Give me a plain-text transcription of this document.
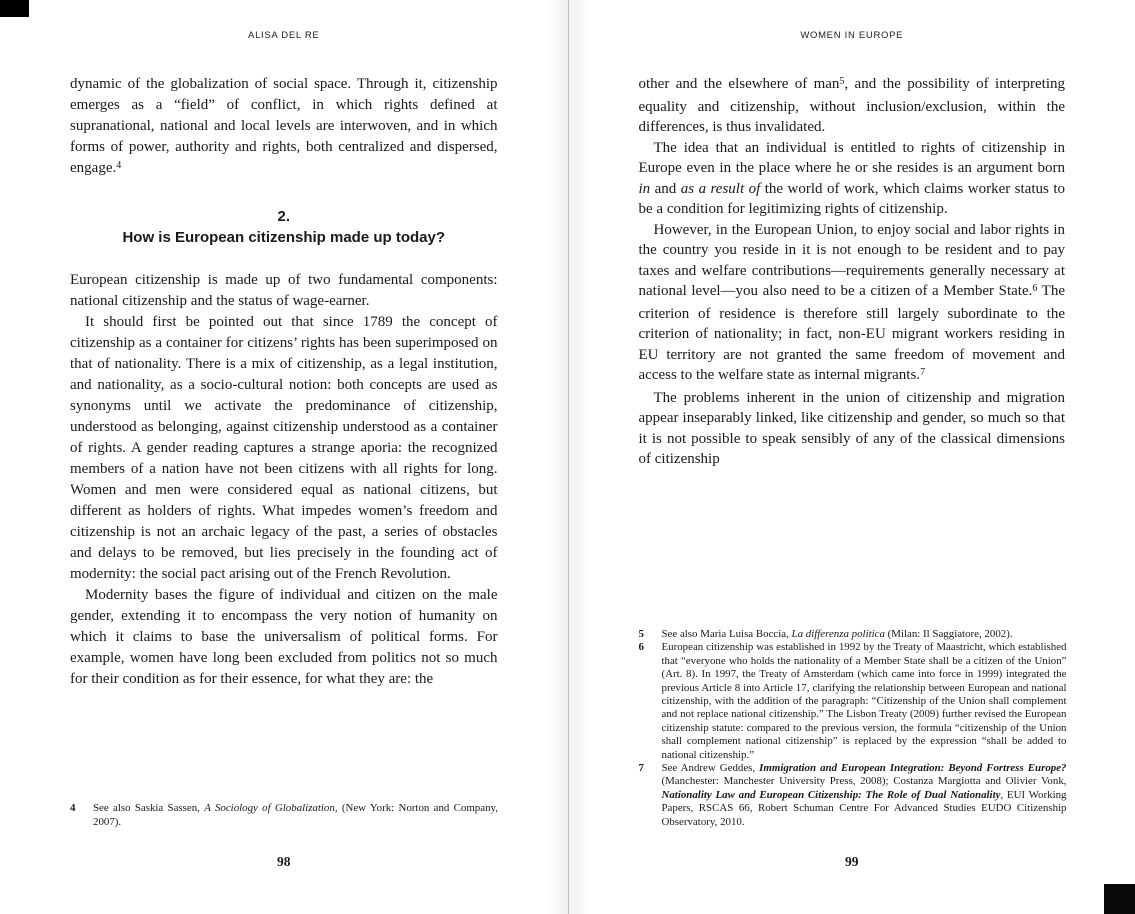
ALISA DEL RE

dynamic of the globalization of social space. Through it, citizenship emerges as a “field” of conflict, in which rights defined at supranational, national and local levels are interwoven, and in which forms of power, authority and rights, both centralized and dispersed, engage.$^4$

2.
How is European citizenship made up today?

European citizenship is made up of two fundamental components: national citizenship and the status of wage-earner.

It should first be pointed out that since 1789 the concept of citizenship as a container for citizens’ rights has been superimposed on that of nationality. There is a mix of citizenship, as a legal institution, and nationality, as a socio-cultural notion: both concepts are used as synonyms until we activate the predominance of citizenship, understood as belonging, against citizenship understood as a container of rights. A gender reading captures a strange aporia: the recognized members of a nation have not been citizens with all rights for long. Women and men were considered equal as national citizens, but different as holders of rights. What impedes women’s freedom and citizenship is not an archaic legacy of the past, a series of obstacles and delays to be removed, but lies precisely in the founding act of modernity: the social pact arising out of the French Revolution.

Modernity bases the figure of individual and citizen on the male gender, extending it to encompass the very notion of humanity on which it claims to base the universalism of political forms. For example, women have long been excluded from politics not so much for their condition as for their essence, for what they are: the

4 See also Saskia Sassen, A Sociology of Globalization, (New York: Norton and Company, 2007).
98
WOMEN IN EUROPE

other and the elsewhere of man$^5$, and the possibility of interpreting equality and citizenship, without inclusion/exclusion, within the differences, is thus invalidated.

The idea that an individual is entitled to rights of citizenship in Europe even in the place where he or she resides is an argument born in and as a result of the world of work, which claims worker status to be a condition for legitimizing rights of citizenship.

However, in the European Union, to enjoy social and labor rights in the country you reside in it is not enough to be resident and to pay taxes and welfare contributions—requirements generally necessary at national level—you also need to be a citizen of a Member State.$^6$ The criterion of residence is therefore still largely subordinate to the criterion of nationality; in fact, non-EU migrant workers residing in EU territory are not granted the same freedom of movement and access to the welfare state as internal migrants.$^7$

The problems inherent in the union of citizenship and migration appear inseparably linked, like citizenship and gender, so much so that it is not possible to speak sensibly of any of the classical dimensions of citizenship

5 See also Maria Luisa Boccia, La differenza politica (Milan: Il Saggiatore, 2002).
6 European citizenship was established in 1992 by the Treaty of Maastricht, which established that “everyone who holds the nationality of a Member State shall be a citizen of the Union” (Art. 8). In 1997, the Treaty of Amsterdam (which came into force in 1999) integrated the previous Article 8 into Article 17, clarifying the relationship between European and national citizenship, with the addition of the paragraph: “Citizenship of the Union shall complement and not replace national citizenship.” The Lisbon Treaty (2009) further revised the European citizenship statute: compared to the previous version, the formula “citizenship of the Union shall complement national citizenship” is replaced by the expression “shall be added to national citizenship.”
7 See Andrew Geddes, Immigration and European Integration: Beyond Fortress Europe? (Manchester: Manchester University Press, 2008); Costanza Margiotta and Olivier Vonk, Nationality Law and European Citizenship: The Role of Dual Nationality, EUI Working Papers, RSCAS 66, Robert Schuman Centre For Advanced Studies EUDO Citizenship Observatory, 2010.
99
